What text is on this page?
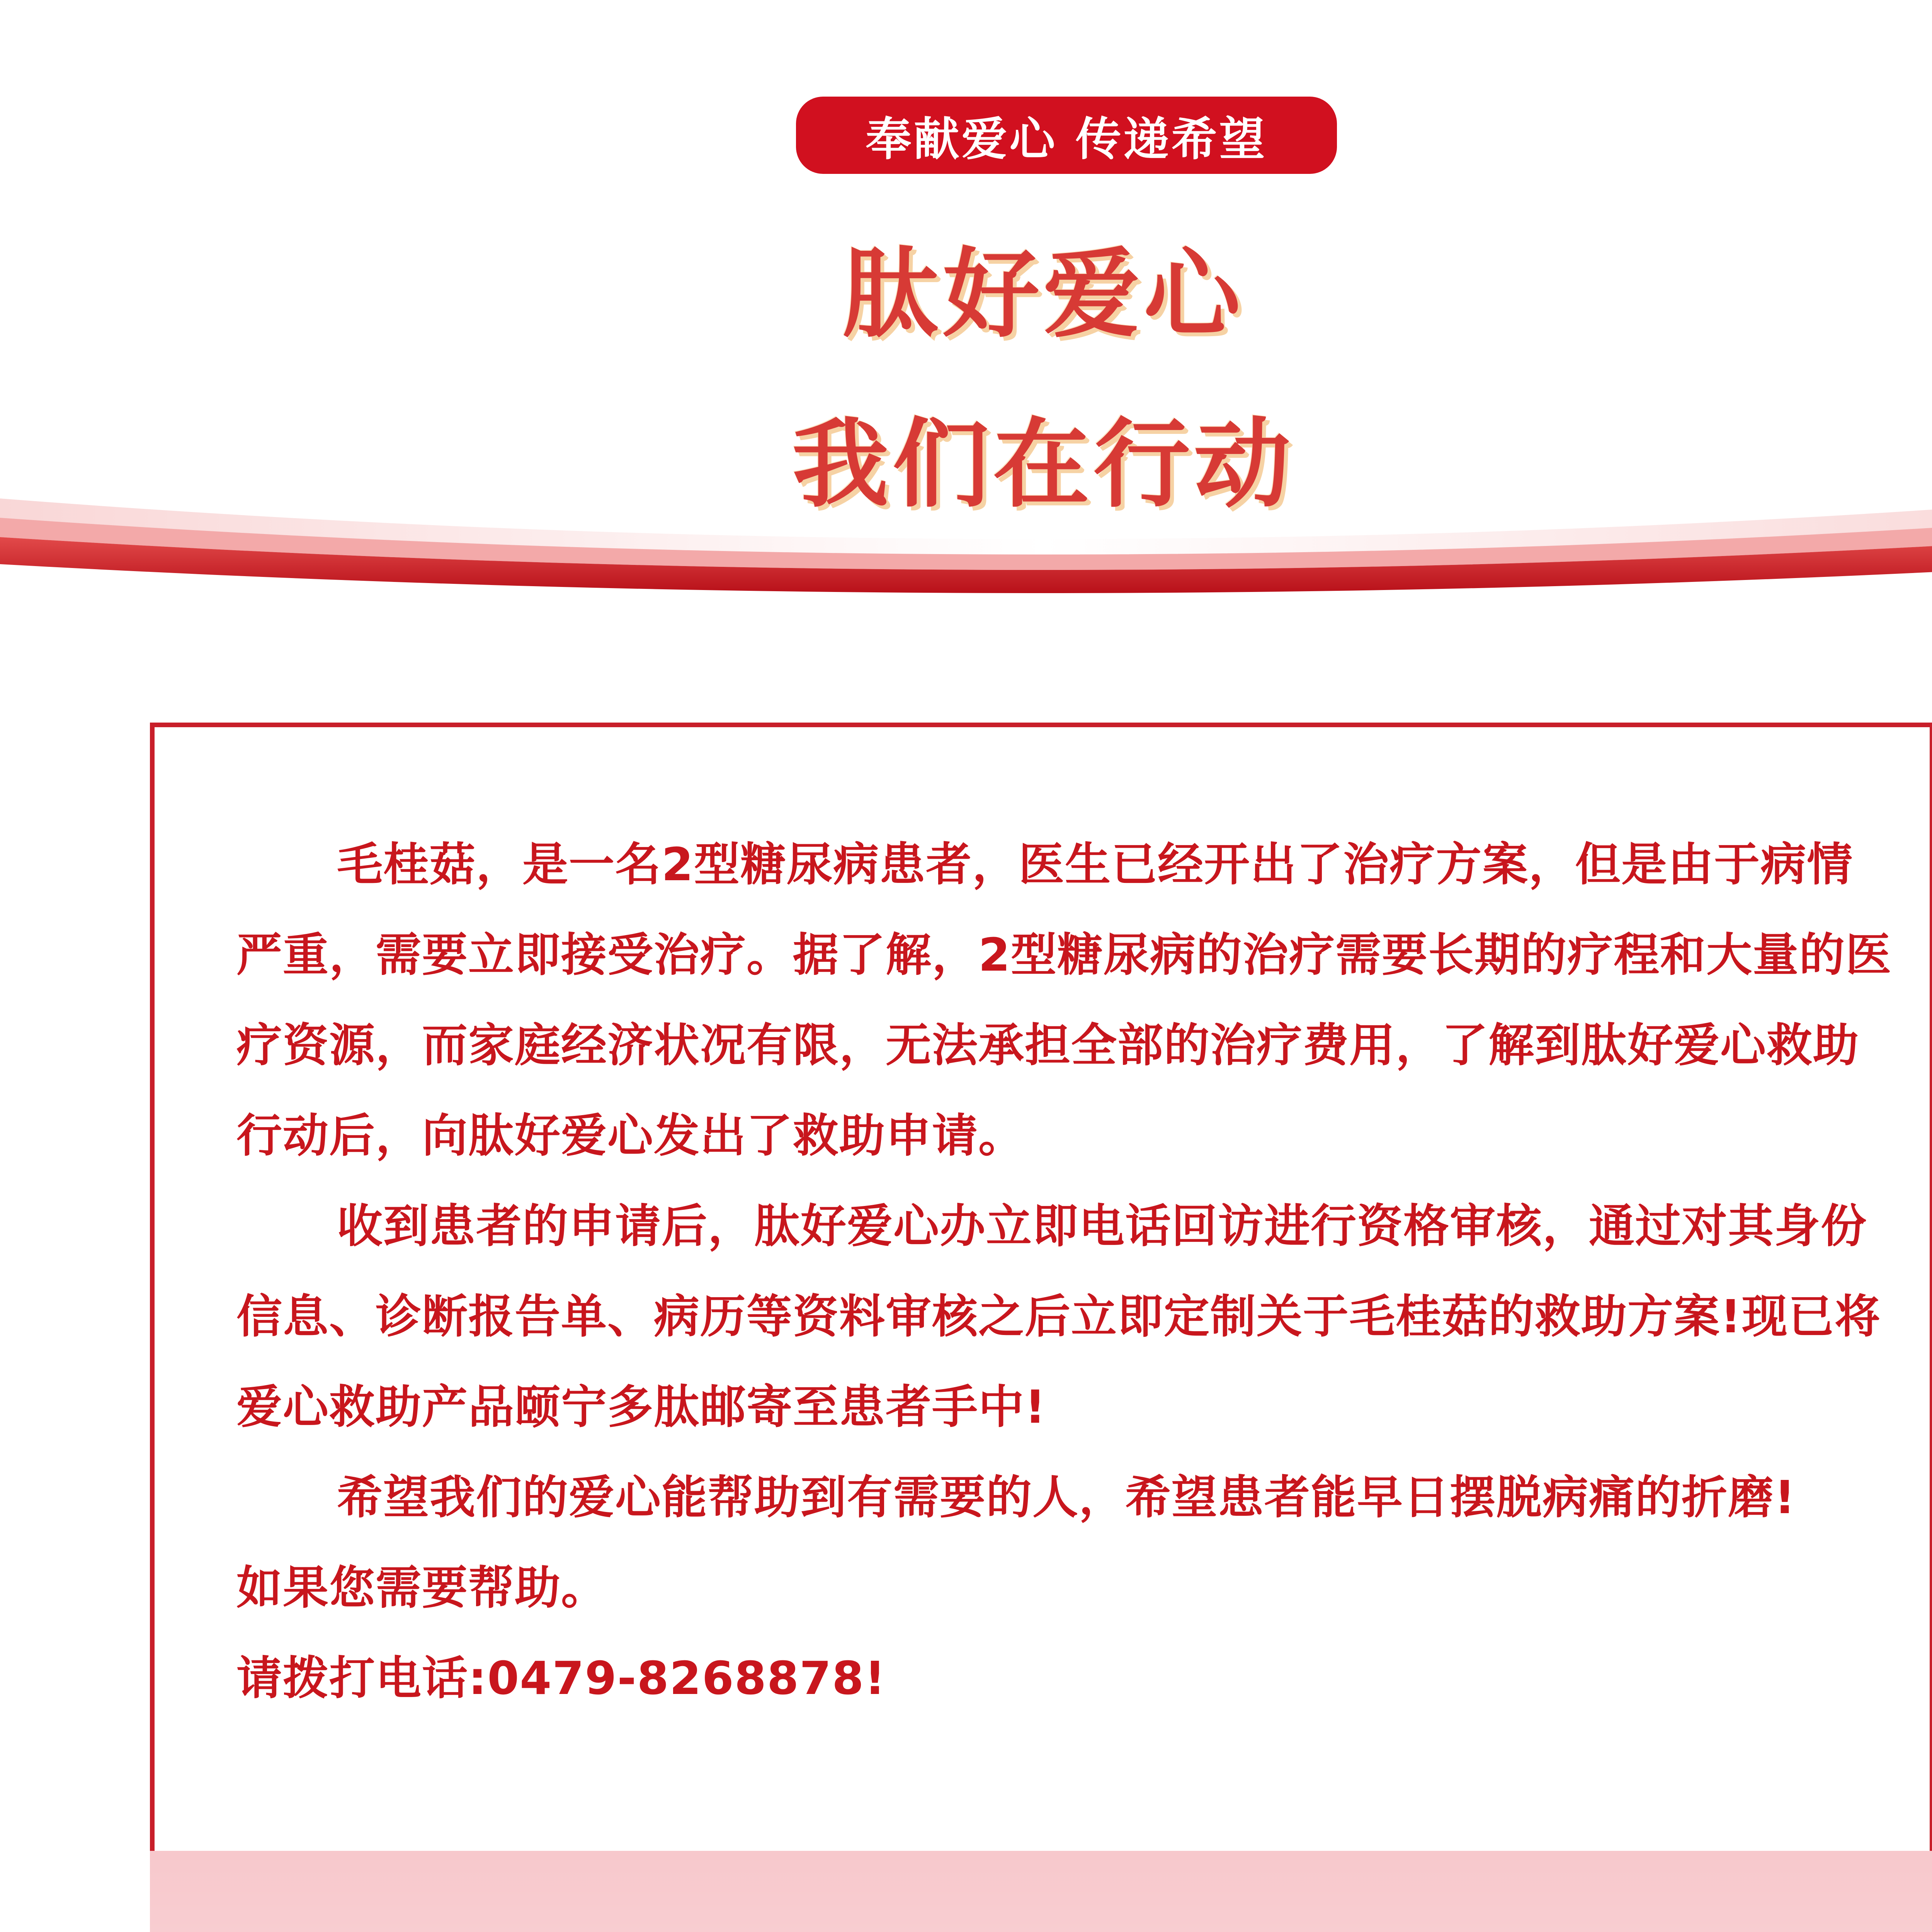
奉献爱心 传递希望
肽好爱心
我们在行动

毛桂菇，是一名2型糖尿病患者，医生已经开出了治疗方案，但是由于病情严重，需要立即接受治疗。据了解，2型糖尿病的治疗需要长期的疗程和大量的医疗资源，而家庭经济状况有限，无法承担全部的治疗费用，了解到肽好爱心救助行动后，向肽好爱心发出了救助申请。

收到患者的申请后，肽好爱心办立即电话回访进行资格审核，通过对其身份信息、诊断报告单、病历等资料审核之后立即定制关于毛桂菇的救助方案!现已将爱心救助产品颐宁多肽邮寄至患者手中!

希望我们的爱心能帮助到有需要的人，希望患者能早日摆脱病痛的折磨!

如果您需要帮助。

请拨打电话:0479-8268878!
